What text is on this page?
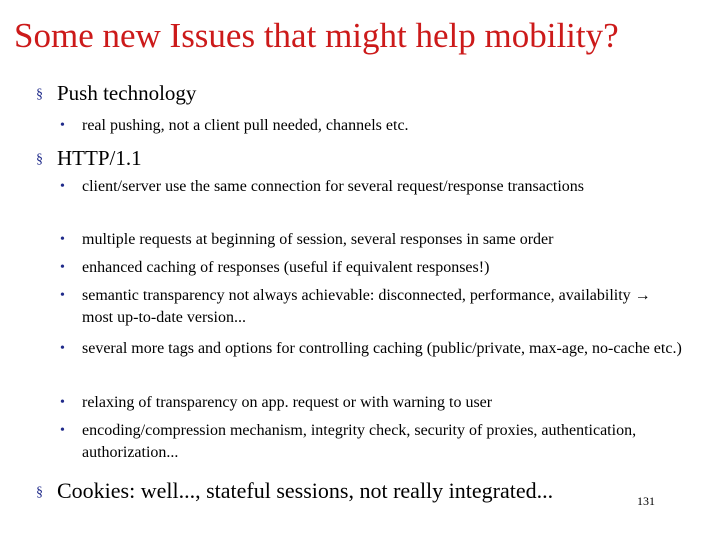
Some new Issues that might help mobility?
§ Push technology
• real pushing, not a client pull needed, channels etc.
§ HTTP/1.1
• client/server use the same connection for several request/response transactions
• multiple requests at beginning of session, several responses in same order
• enhanced caching of responses (useful if equivalent responses!)
• semantic transparency not always achievable: disconnected, performance, availability → most up-to-date version...
• several more tags and options for controlling caching (public/private, max-age, no-cache etc.)
• relaxing of transparency on app. request or with warning to user
• encoding/compression mechanism, integrity check, security of proxies, authentication, authorization...
§ Cookies: well..., stateful sessions, not really integrated...	131
